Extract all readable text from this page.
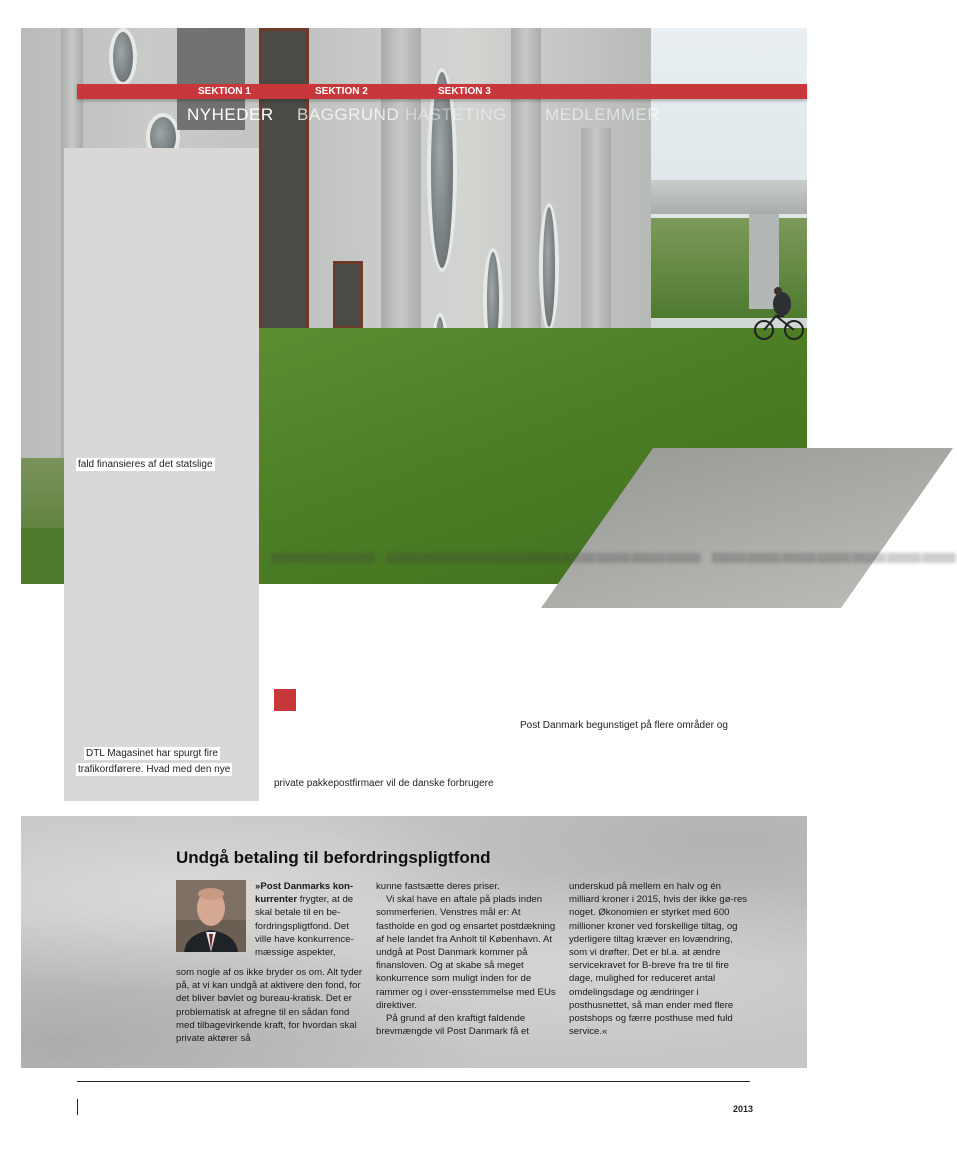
▬▬▬ ▬▬▬▬▬▬▬▬▬ ▬▬▬▬▬▬▬
SEKTION 1	SEKTION 2	SEKTION 3
NYHEDER BAGGRUND HASTETING MEDLEMMER
fald finansieres af det statslige
DTL Magasinet har spurgt fire
trafikordførere. Hvad med den nye
Post Danmark begunstiget på flere områder og
private pakkepostfirmaer vil de danske forbrugere
Undgå betaling til befordringspligtfond

»Post Danmarks kon-kurrenter frygter, at de skal betale til en be-fordringspligtfond. Det ville have konkurrence-mæssige aspekter,

som nogle af os ikke bryder os om. Alt tyder på, at vi kan undgå at aktivere den fond, for det bliver bøvlet og bureau-kratisk. Det er problematisk at afregne til en sådan fond med tilbagevirkende kraft, for hvordan skal private aktører så

kunne fastsætte deres priser.

Vi skal have en aftale på plads inden sommerferien. Venstres mål er: At fastholde en god og ensartet postdækning af hele landet fra Anholt til København. At undgå at Post Danmark kommer på finansloven. Og at skabe så meget konkurrence som muligt inden for de rammer og i over-ensstemmelse med EUs direktiver.

På grund af den kraftigt faldende brevmængde vil Post Danmark få et

underskud på mellem en halv og én milliard kroner i 2015, hvis der ikke gø-res noget. Økonomien er styrket med 600 millioner kroner ved forskellige tiltag, og yderligere tiltag kræver en lovændring, som vi drøfter. Det er bl.a. at ændre servicekravet for B-breve fra tre til fire dage, mulighed for reduceret antal omdelingsdage og ændringer i posthusnettet, så man ender med flere postshops og færre posthuse med fuld service.«

2013
